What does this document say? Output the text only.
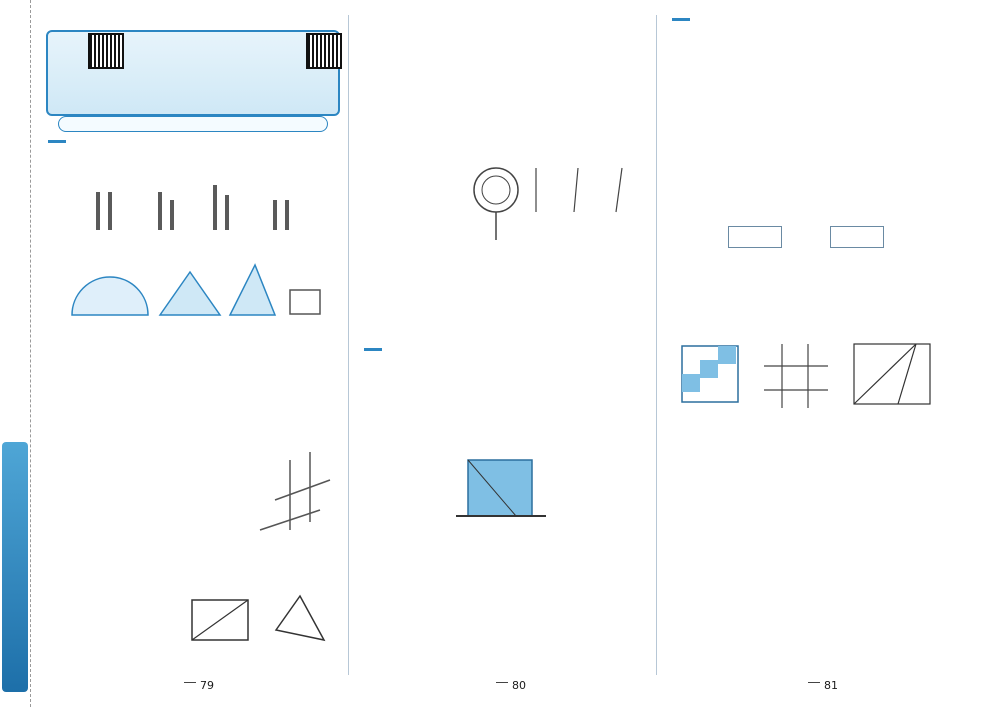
79	80	81
